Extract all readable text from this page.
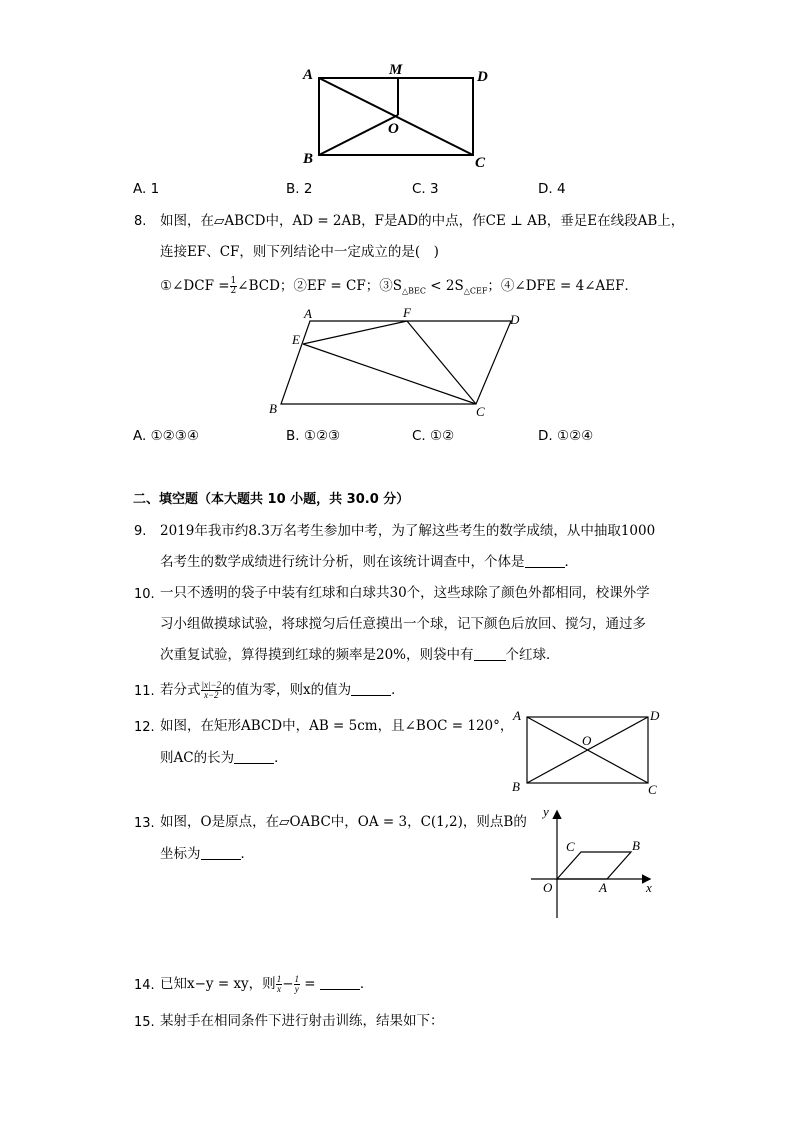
A	M	D
O
B	C
A. 1	B. 2	C. 3	D. 4
8. 如图，在▱ABCD中，AD = 2AB，F是AD的中点，作CE ⊥ AB，垂足E在线段AB上，
连接EF、CF，则下列结论中一定成立的是(　)
①∠DCF = $\frac{1}{2}$ ∠BCD；②EF = CF；$③S_{\triangle BEC} < 2S_{\triangle CEF}$；④∠DFE = 4∠AEF．
A	F	D
E
B	C
A. ①②③④	B. ①②③	C. ①②	D. ①②④
二、填空题（本大题共 10 小题，共 30.0 分）
9. 2019年我市约8.3万名考生参加中考，为了解这些考生的数学成绩，从中抽取1000
名考生的数学成绩进行统计分析，则在该统计调查中，个体是	．
10. 一只不透明的袋子中装有红球和白球共30个，这些球除了颜色外都相同，校课外学
习小组做摸球试验，将球搅匀后任意摸出一个球，记下颜色后放回、搅匀，通过多
次重复试验，算得摸到红球的频率是20%，则袋中有 个红球．
11. 若分式 $\frac{|x|-2}{x-2}$ 的值为零，则x的值为	．
12. 如图，在矩形ABCD中，AB = 5cm，且∠BOC = 120°，
则AC的长为	．
A	D
O
B	C
13. 如图，O是原点，在▱OABC中，OA = 3，C(1,2)，则点B的
坐标为	．
y
x
C	B
O	A
14. 已知x−y = xy，则 $\frac{1}{x} - \frac{1}{y}$ =	．
15. 某射手在相同条件下进行射击训练，结果如下：
